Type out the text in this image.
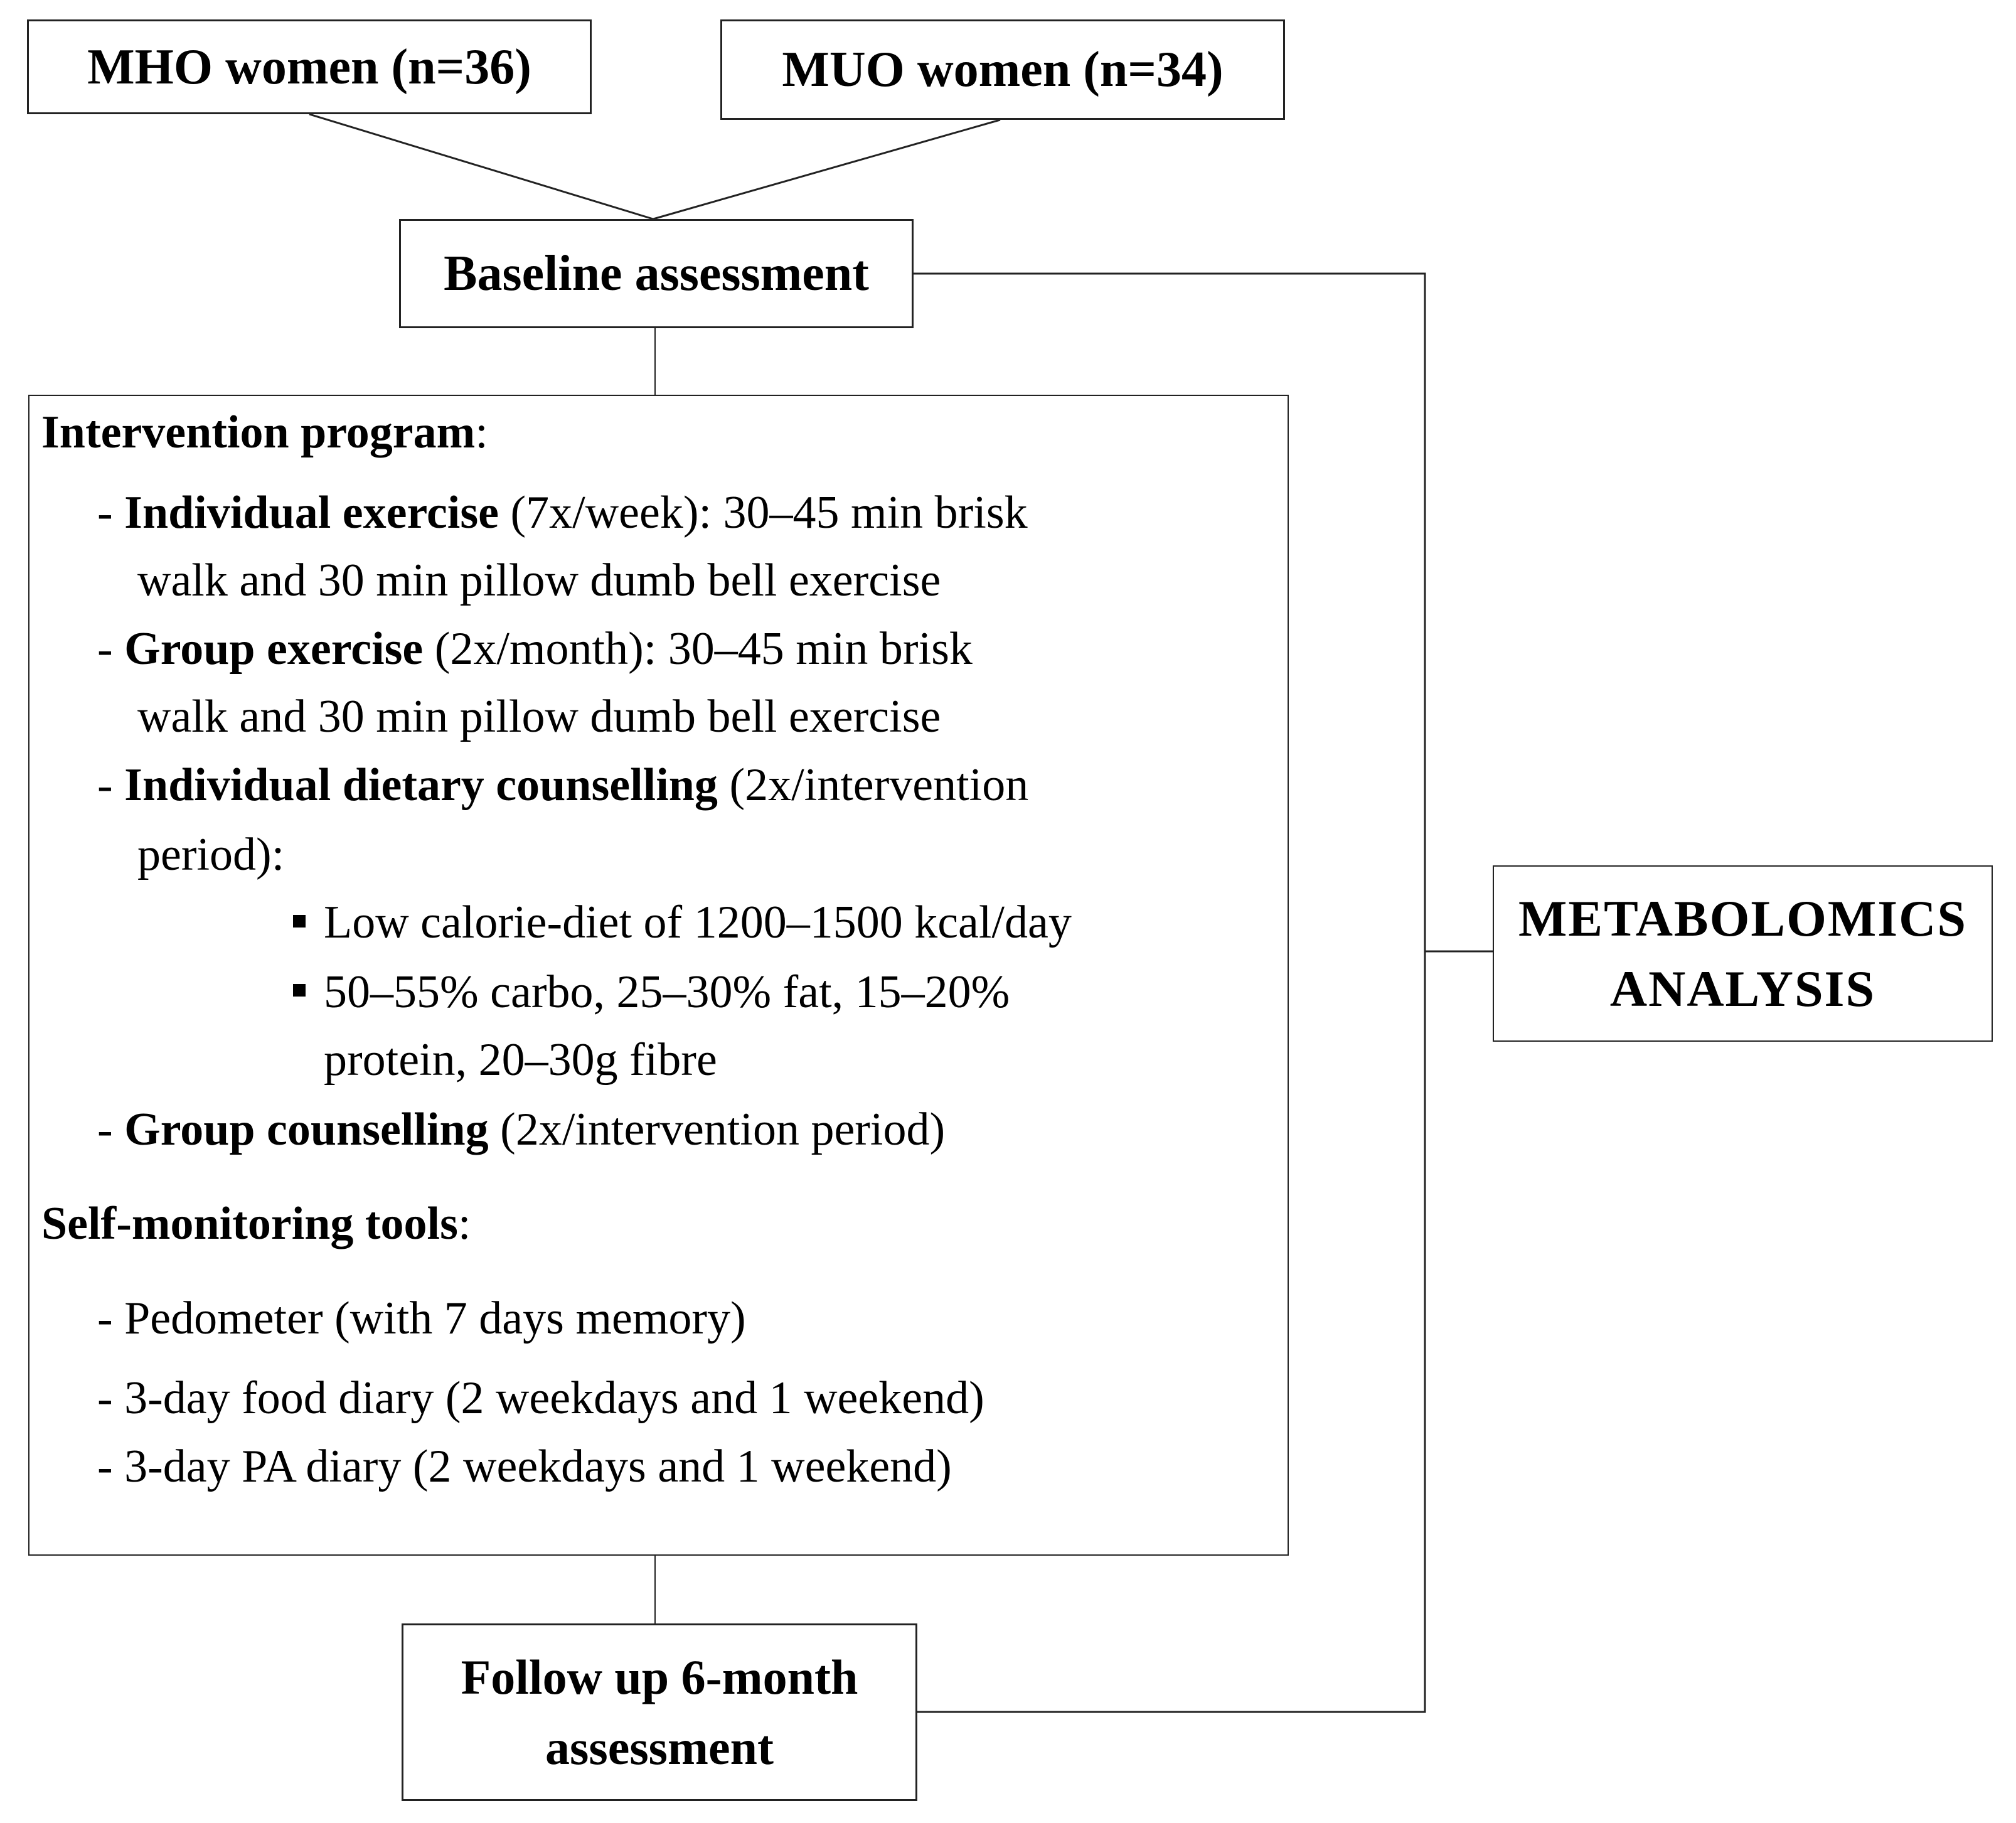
MHO women (n=36)	MUO women (n=34)
Baseline assessment
Intervention program:
- Individual exercise (7x/week): 30–45 min brisk
walk and 30 min pillow dumb bell exercise
- Group exercise (2x/month): 30–45 min brisk
walk and 30 min pillow dumb bell exercise
- Individual dietary counselling (2x/intervention
period):
Low calorie-diet of 1200–1500 kcal/day
50–55% carbo, 25–30% fat, 15–20%
protein, 20–30g fibre
- Group counselling (2x/intervention period)
Self-monitoring tools:
- Pedometer (with 7 days memory)
- 3-day food diary (2 weekdays and 1 weekend)
- 3-day PA diary (2 weekdays and 1 weekend)
Follow up 6-month
assessment
METABOLOMICS
ANALYSIS
